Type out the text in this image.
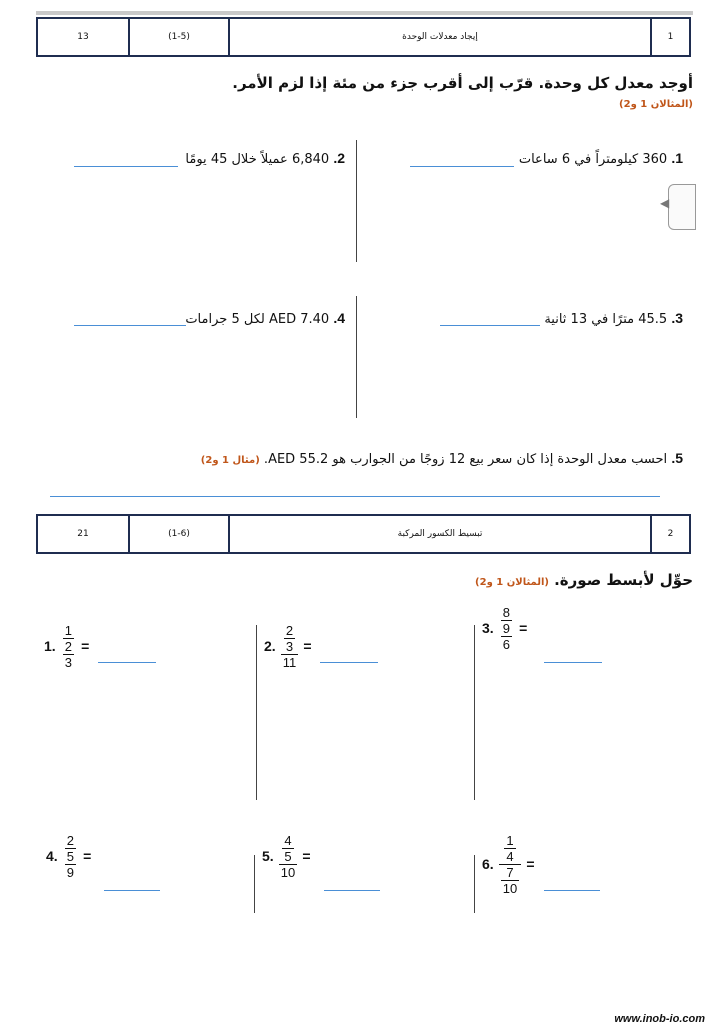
13	(1-5)	إيجاد معدلات الوحدة	1
أوجد معدل كل وحدة. قرّب إلى أقرب جزء من مئة إذا لزم الأمر.
(المثالان 1 و2)
◀
1. 360 كيلومتراً في 6 ساعات
2. 6,840 عميلاً خلال 45 يومًا
3. 45.5 مترًا في 13 ثانية
4. AED 7.40 لكل 5 جرامات
5. احسب معدل الوحدة إذا كان سعر بيع 12 زوجًا من الجوارب هو AED 55.2. (مثال 1 و2)
21	(1-6)	تبسيط الكسور المركبة	2
حوِّل لأبسط صورة. (المثالان 1 و2)
1. $\frac{\frac{1}{2}}{3}$ =	2. $\frac{\frac{2}{3}}{11}$ =
3. $\frac{\frac{8}{9}}{6}$ =
4. $\frac{\frac{2}{5}}{9}$ =	5. $\frac{\frac{4}{5}}{10}$ =	6. $\frac{\frac{1}{4}}{\frac{7}{10}}$ =
www.inob-io.com
